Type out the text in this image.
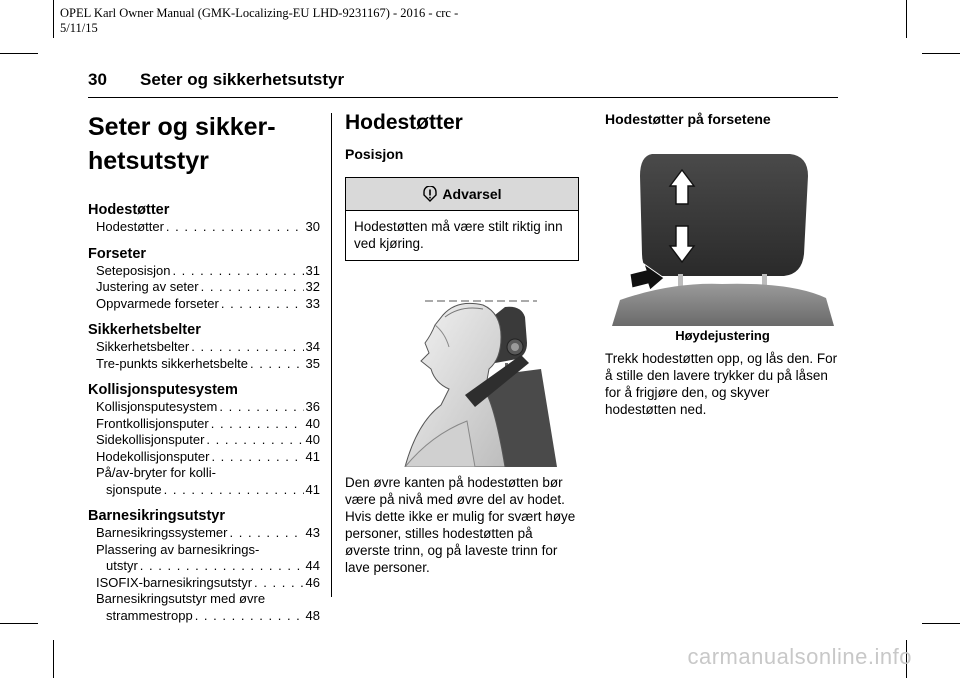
OPEL Karl Owner Manual (GMK-Localizing-EU LHD-9231167) - 2016 - crc -
5/11/15
30 Seter og sikkerhetsutstyr
Seter og sikker-
hetsutstyr
Hodestøtter
Hodestøtter . . .	30
Forseter
Seteposisjon . . .	31
Justering av seter . . .	32
Oppvarmede forseter . . .	33
Sikkerhetsbelter
Sikkerhetsbelter . . .	34
Tre-punkts sikkerhetsbelte . . .	35
Kollisjonsputesystem
Kollisjonsputesystem . . .	36
Frontkollisjonsputer . . .	40
Sidekollisjonsputer . . .	40
Hodekollisjonsputer . . .	41
På/av-bryter for kolli-
sjonspute . . .	41
Barnesikringsutstyr
Barnesikringssystemer . . .	43
Plassering av barnesikrings-
utstyr . . .	44
ISOFIX-barnesikringsutstyr . . .	46
Barnesikringsutstyr med øvre
strammestropp . . .	48
Hodestøtter
Posisjon
Advarsel
Hodestøtten må være stilt riktig inn ved kjøring.
Den øvre kanten på hodestøtten bør være på nivå med øvre del av hodet. Hvis dette ikke er mulig for svært høye personer, stilles hodestøtten på øverste trinn, og på laveste trinn for lave personer.
Hodestøtter på forsetene
Høydejustering
Trekk hodestøtten opp, og lås den. For å stille den lavere trykker du på låsen for å frigjøre den, og skyver hodestøtten ned.
carmanualsonline.info
